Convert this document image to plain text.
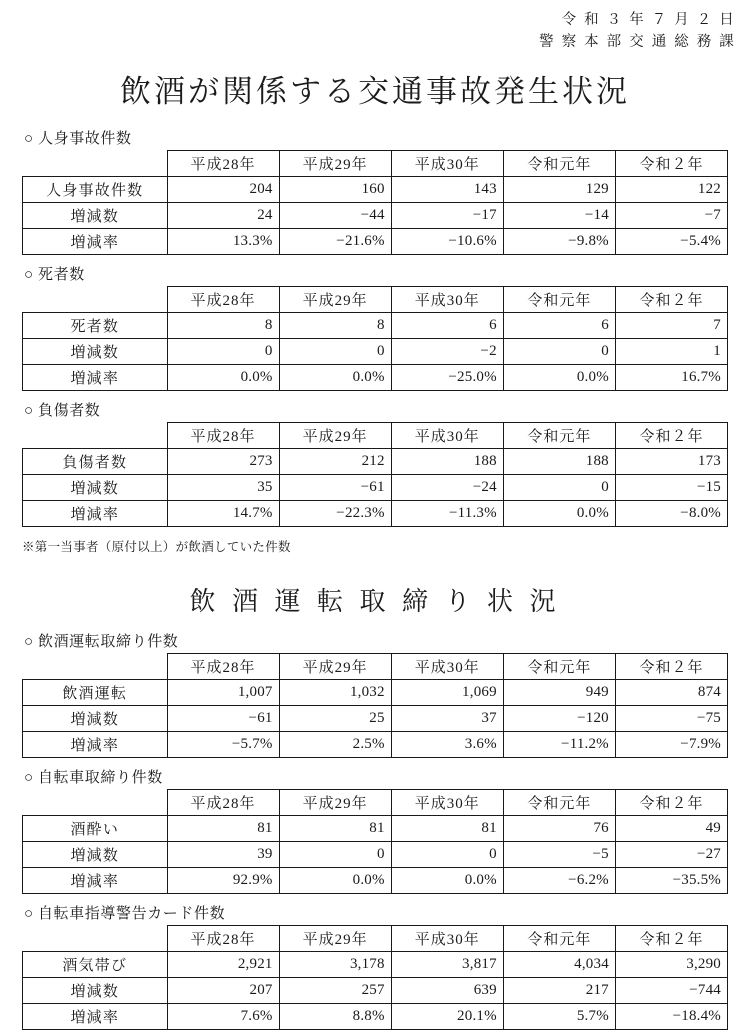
令 和 ３ 年 ７ 月 ２ 日
警 察 本 部 交 通 総 務 課
飲酒が関係する交通事故発生状況
○ 人身事故件数
	平成28年	平成29年	平成30年	令和元年	令和２年
人身事故件数	204	160	143	129	122
増減数	24	−44	−17	−14	−7
増減率	13.3%	−21.6%	−10.6%	−9.8%	−5.4%
○ 死者数
	平成28年	平成29年	平成30年	令和元年	令和２年
死者数	8	8	6	6	7
増減数	0	0	−2	0	1
増減率	0.0%	0.0%	−25.0%	0.0%	16.7%
○ 負傷者数
	平成28年	平成29年	平成30年	令和元年	令和２年
負傷者数	273	212	188	188	173
増減数	35	−61	−24	0	−15
増減率	14.7%	−22.3%	−11.3%	0.0%	−8.0%
※第一当事者（原付以上）が飲酒していた件数
飲 酒 運 転 取 締 り 状 況
○ 飲酒運転取締り件数
	平成28年	平成29年	平成30年	令和元年	令和２年
飲酒運転	1,007	1,032	1,069	949	874
増減数	−61	25	37	−120	−75
増減率	−5.7%	2.5%	3.6%	−11.2%	−7.9%
○ 自転車取締り件数
	平成28年	平成29年	平成30年	令和元年	令和２年
酒酔い	81	81	81	76	49
増減数	39	0	0	−5	−27
増減率	92.9%	0.0%	0.0%	−6.2%	−35.5%
○ 自転車指導警告カード件数
	平成28年	平成29年	平成30年	令和元年	令和２年
酒気帯び	2,921	3,178	3,817	4,034	3,290
増減数	207	257	639	217	−744
増減率	7.6%	8.8%	20.1%	5.7%	−18.4%
